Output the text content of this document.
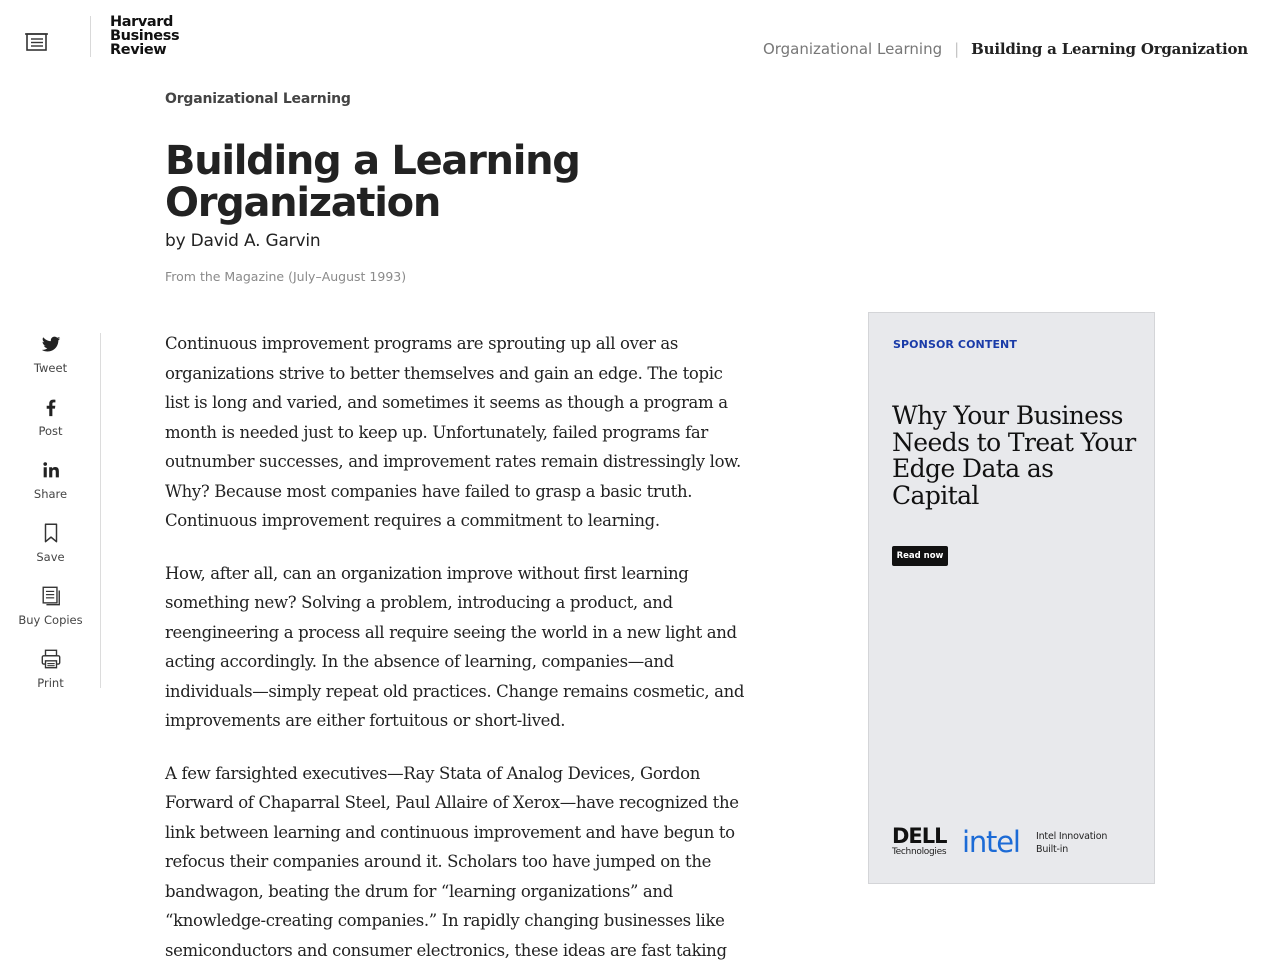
Harvard
Business
Review	Organizational Learning | Building a Learning Organization
Organizational Learning
Building a Learning Organization
by David A. Garvin
From the Magazine (July–August 1993)
Tweet
Post
Share
Save
Buy Copies
Print

Continuous improvement programs are sprouting up all over as organizations strive to better themselves and gain an edge. The topic list is long and varied, and sometimes it seems as though a program a month is needed just to keep up. Unfortunately, failed programs far outnumber successes, and improvement rates remain distressingly low. Why? Because most companies have failed to grasp a basic truth. Continuous improvement requires a commitment to learning.

How, after all, can an organization improve without first learning something new? Solving a problem, introducing a product, and reengineering a process all require seeing the world in a new light and acting accordingly. In the absence of learning, companies—and individuals—simply repeat old practices. Change remains cosmetic, and improvements are either fortuitous or short-lived.

A few farsighted executives—Ray Stata of Analog Devices, Gordon Forward of Chaparral Steel, Paul Allaire of Xerox—have recognized the link between learning and continuous improvement and have begun to refocus their companies around it. Scholars too have jumped on the bandwagon, beating the drum for “learning organizations” and “knowledge-creating companies.” In rapidly changing businesses like semiconductors and consumer electronics, these ideas are fast taking

SPONSOR CONTENT
Why Your Business Needs to Treat Your Edge Data as Capital
Read now
DELL
Technologies intel Intel Innovation
Built-in
